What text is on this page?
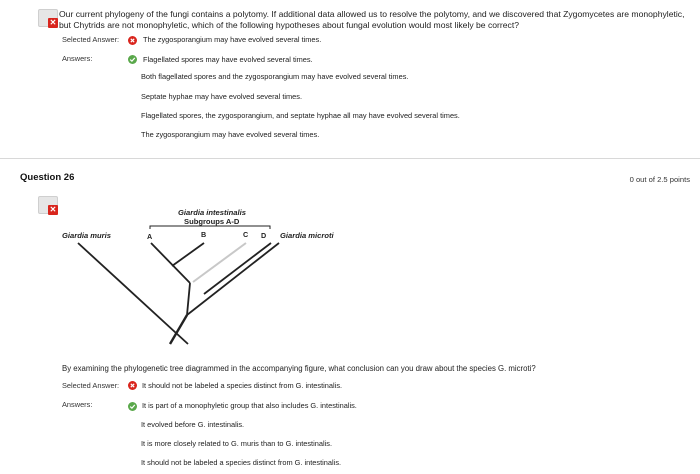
✕
Our current phylogeny of the fungi contains a polytomy. If additional data allowed us to resolve the polytomy, and we discovered that Zygomycetes are monophyletic,
but Chytrids are not monophyletic, which of the following hypotheses about fungal evolution would most likely be correct?
Selected Answer:	The zygosporangium may have evolved several times.
Answers:	Flagellated spores may have evolved several times.
Both flagellated spores and the zygosporangium may have evolved several times.
Septate hyphae may have evolved several times.
Flagellated spores, the zygosporangium, and septate hyphae all may have evolved several times.
The zygosporangium may have evolved several times.
Question 26	0 out of 2.5 points
✕	Giardia intestinalis
Subgroups A-D
Giardia muris	Giardia microti
A	B	C D
By examining the phylogenetic tree diagrammed in the accompanying figure, what conclusion can you draw about the species G. microti?
Selected Answer:	It should not be labeled a species distinct from G. intestinalis.
Answers:	It is part of a monophyletic group that also includes G. intestinalis.
It evolved before G. intestinalis.
It is more closely related to G. muris than to G. intestinalis.
It should not be labeled a species distinct from G. intestinalis.
